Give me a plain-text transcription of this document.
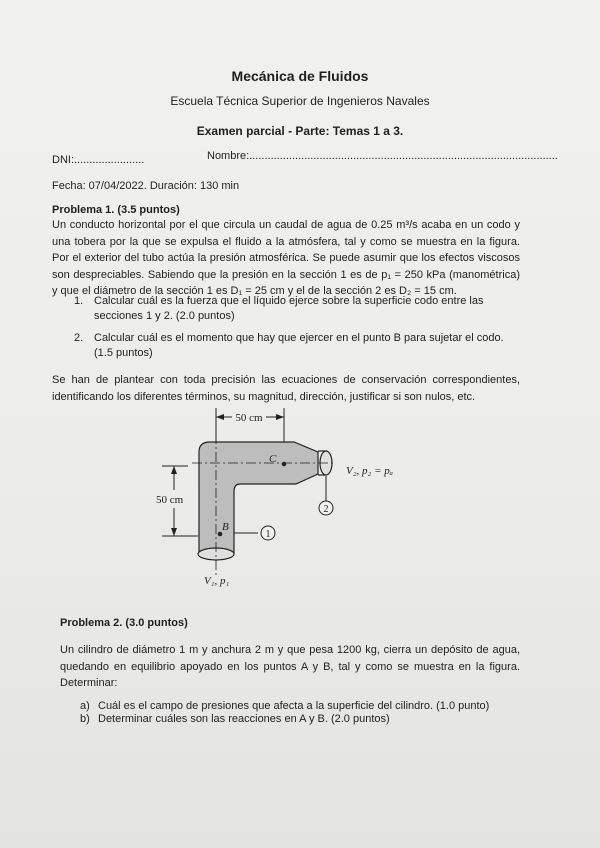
Mecánica de Fluidos
Escuela Técnica Superior de Ingenieros Navales
Examen parcial - Parte: Temas 1 a 3.
DNI:.......................	Nombre:.....................................................................................................
Fecha: 07/04/2022. Duración: 130 min
Problema 1. (3.5 puntos)
Un conducto horizontal por el que circula un caudal de agua de 0.25 m³/s acaba en un codo y una tobera por la que se expulsa el fluido a la atmósfera, tal y como se muestra en la figura. Por el exterior del tubo actúa la presión atmosférica. Se puede asumir que los efectos viscosos son despreciables. Sabiendo que la presión en la sección 1 es de p₁ = 250 kPa (manométrica) y que el diámetro de la sección 1 es D₁ = 25 cm y el de la sección 2 es D₂ = 15 cm.
1. Calcular cuál es la fuerza que el líquido ejerce sobre la superficie codo entre las secciones 1 y 2. (2.0 puntos)
2. Calcular cuál es el momento que hay que ejercer en el punto B para sujetar el codo. (1.5 puntos)
Se han de plantear con toda precisión las ecuaciones de conservación correspondientes, identificando los diferentes términos, su magnitud, dirección, justificar si son nulos, etc.
50 cm
50 cm
C
B
1
2
V₂, p₂ = pₐ
V₁, p₁
Problema 2. (3.0 puntos)
Un cilindro de diámetro 1 m y anchura 2 m y que pesa 1200 kg, cierra un depósito de agua, quedando en equilibrio apoyado en los puntos A y B, tal y como se muestra en la figura. Determinar:
a) Cuál es el campo de presiones que afecta a la superficie del cilindro. (1.0 punto)
b) Determinar cuáles son las reacciones en A y B. (2.0 puntos)
